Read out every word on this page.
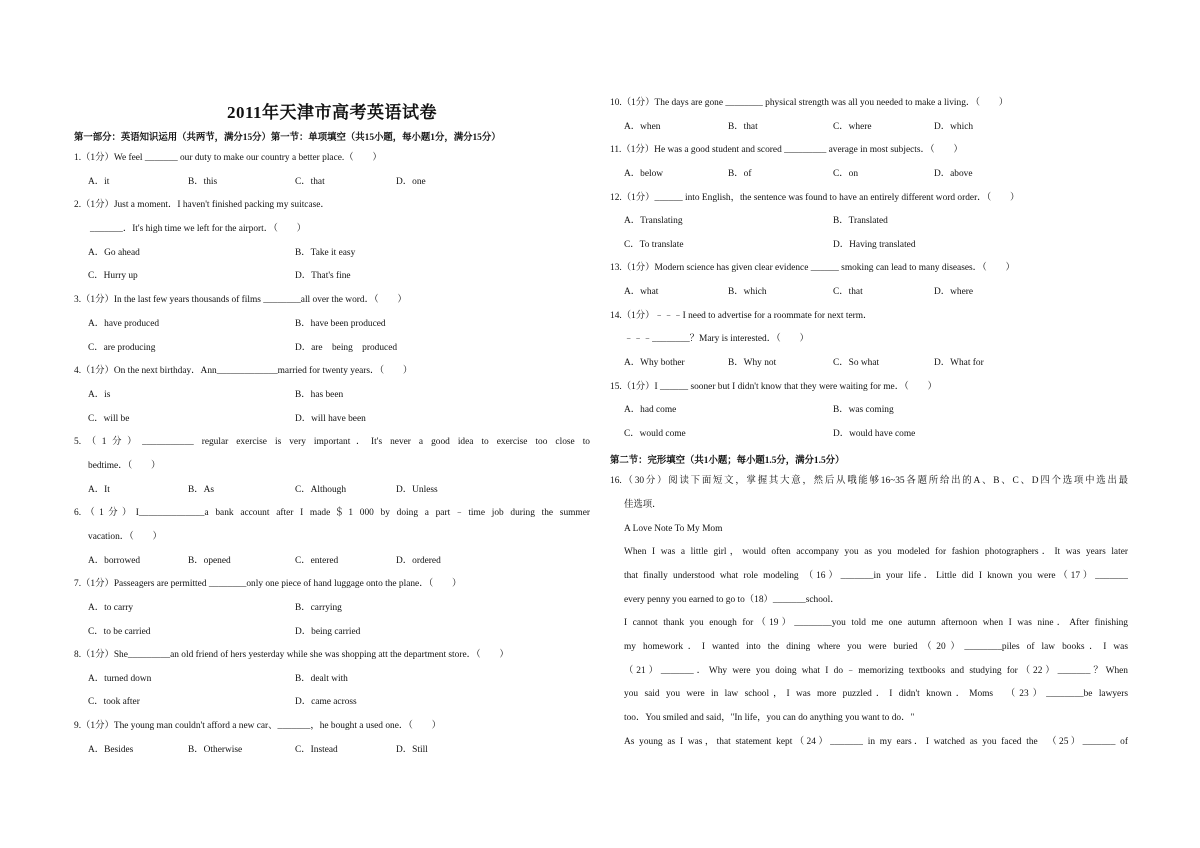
2011年天津市高考英语试卷
第一部分：英语知识运用（共两节，满分15分）第一节：单项填空（共15小题，每小题1分，满分15分）
1.（1分）We feel _______ our duty to make our country a better place.（　　）
A．it	B．this	C．that	D．one
2.（1分）Just a moment．I haven't finished packing my suitcase．
_______．It's high time we left for the airport．（　　）
A．Go ahead	B．Take it easy
C．Hurry up	D．That's fine
3.（1分）In the last few years thousands of films ________all over the word．（　　）
A．have produced	B．have been produced
C．are producing	D．are　being　produced
4.（1分）On the next birthday．Ann_____________married for twenty years．（　　）
A．is	B．has been
C．will be	D．will have been
5.（1分）___________ regular exercise is very important．It's never a good idea to exercise too close to
bedtime．（　　）
A．It	B．As	C．Although	D．Unless
6.（1分）I______________a bank account after I made＄1 000 by doing a part﹣time job during the summer
vacation．（　　）
A．borrowed	B．opened	C．entered	D．ordered
7.（1分）Passeagers are permitted ________only one piece of hand luggage onto the plane．（　　）
A．to carry	B．carrying
C．to be carried	D．being carried
8.（1分）She_________an old friend of hers yesterday while she was shopping att the department store．（　　）
A．turned down	B．dealt with
C．took after	D．came across
9.（1分）The young man couldn't afford a new car、_______，he bought a used one．（　　）
A．Besides	B．Otherwise	C．Instead	D．Still
10.（1分）The days are gone ________ physical strength was all you needed to make a living．（　　）
A．when	B．that	C．where	D．which
11.（1分）He was a good student and scored _________ average in most subjects．（　　）
A．below	B．of	C．on	D．above
12.（1分）______ into English，the sentence was found to have an entirely different word order．（　　）
A．Translating	B．Translated
C．To translate	D．Having translated
13.（1分）Modern science has given clear evidence ______ smoking can lead to many diseases．（　　）
A．what	B．which	C．that	D．where
14.（1分）﹣﹣﹣I need to advertise for a roommate for next term．
﹣﹣﹣________？Mary is interested．（　　）
A．Why bother	B．Why not	C．So what	D．What for
15.（1分）I ______ sooner but I didn't know that they were waiting for me．（　　）
A．had come	B．was coming
C．would come	D．would have come
第二节：完形填空（共1小题；每小题1.5分，满分1.5分）
16.（30分）阅读下面短文，掌握其大意，然后从哦能够16~35各题所给出的A、B、C、D四个选项中选出最
佳选项．
A Love Note To My Mom
When I was a little girl，would often accompany you as you modeled for fashion photographers．It was years later
that finally understood what role modeling （16）_______in your life．Little did I known you were（17）_______
every penny you earned to go to（18）_______school．
I cannot thank you enough for（19）________you told me one autumn afternoon when I was nine．After finishing
my homework．I wanted into the dining where you were buried（20）________piles of law books．I was
（21）_______．Why were you doing what I do﹣memorizing textbooks and studying for（22）_______？When
you said you were in law school，I was more puzzled．I didn't known．Moms　（23）________be lawyers
too．You smiled and said，"In life，you can do anything you want to do．"
As young as I was，that statement kept（24）_______ in my ears．I watched as you faced the　（25）_______ of
